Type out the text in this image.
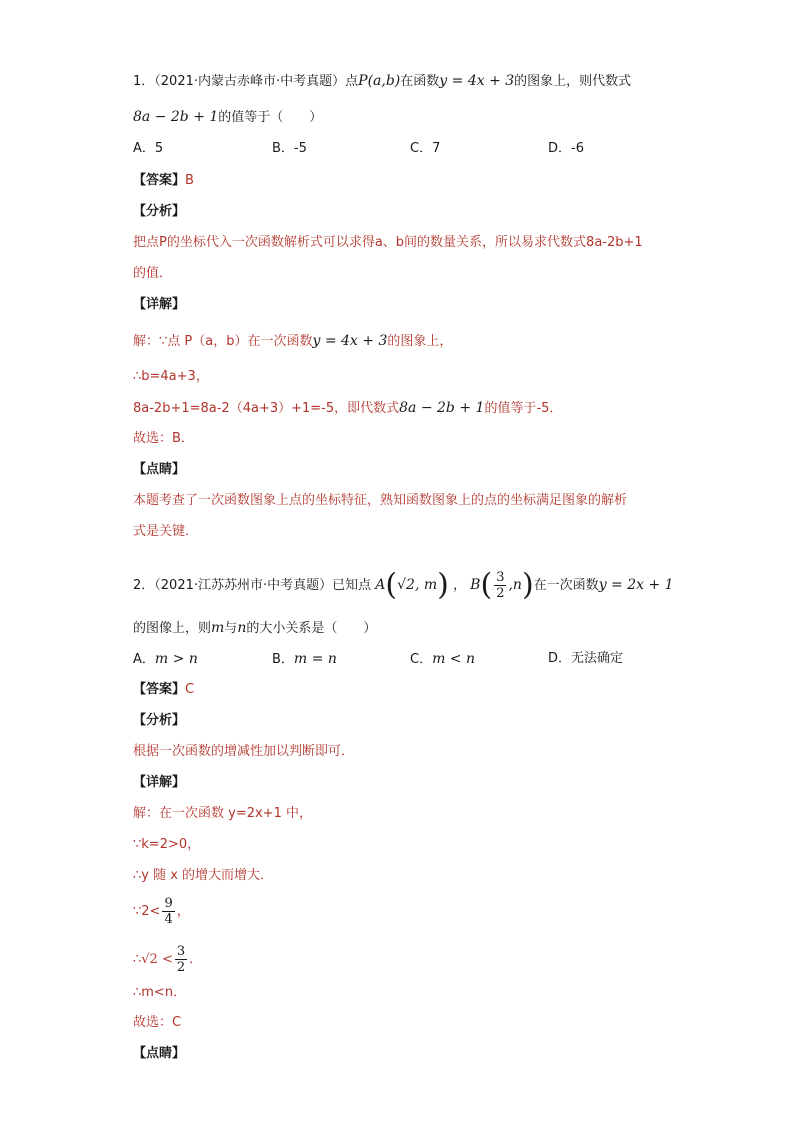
1．（2021·内蒙古赤峰市·中考真题）点P(a,b)在函数y = 4x + 3的图象上，则代数式
8a − 2b + 1的值等于（　　）
A．5	B．-5	C．7	D．-6
【答案】B
【分析】
把点P的坐标代入一次函数解析式可以求得a、b间的数量关系，所以易求代数式8a-2b+1
的值．
【详解】
解：∵点 P（a，b）在一次函数y = 4x + 3的图象上，
∴b=4a+3，
8a-2b+1=8a-2（4a+3）+1=-5，即代数式8a − 2b + 1的值等于-5．
故选：B．
【点睛】
本题考查了一次函数图象上点的坐标特征，熟知函数图象上的点的坐标满足图象的解析
式是关键．
2．（2021·江苏苏州市·中考真题）已知点 A(√2, m) ， $B( \frac{3}{2} ,n)$在一次函数y = 2x + 1
的图像上，则m与n的大小关系是（　　）
A．m > n	B．m = n	C．m < n	D．无法确定
【答案】C
【分析】
根据一次函数的增减性加以判断即可．
【详解】
解：在一次函数 y=2x+1 中，
∵k=2>0，
∴y 随 x 的增大而增大．
∵2< $\frac{9}{4}$ ，
∴√2 < $\frac{3}{2}$ ．
∴m<n．
故选：C
【点睛】
